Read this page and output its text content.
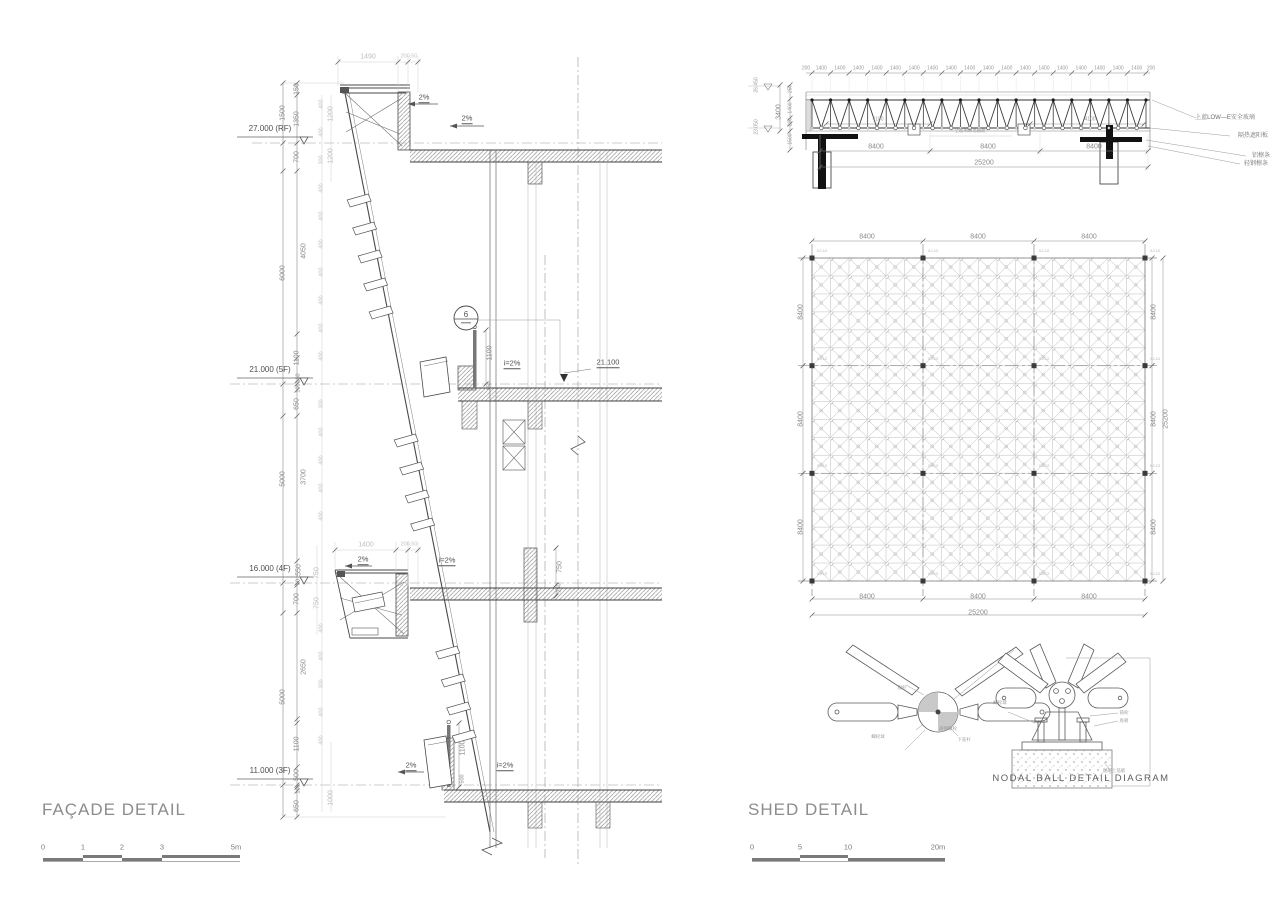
1490	200,50
2%
2%
150
1500 1350
700
1200
1200
6000
4050
400
400
300
400
400
400
400
400
400
400
300
400
400
400
400
400
400
300
400
400
1100
150
100
650
1100
150
i=2%	21.100
5000 3700
1400	200,50
2%	i=2%
550
50
700
750
750
750
250
5000
2650
1100
500
2%	i=2%
1100
500
100
650
1000
27.000 (RF)
21.000 (5F)
16.000 (4F)
11.000 (3F)
0	1	2	3	5m	0	5	10	20m
3400
250
1400
200
1500
26.450
23.050	4100	4100
全玻璃幕墙隔断
8400	8400	8400
25200
8400	8400	8400
8400	8400	8400
25200
8400
8400
8400
8400
8400
8400
25200
上蓝LOW—E安全玻璃
隔热遮阳板
铝檩条
轻钢檩条
腹杆
螺栓球
高强螺栓
下弦杆
螺栓球
锚栓
底板
混凝土基础
1400 1400 1400 1400 1400 1400 1400 1400 1400 1400 1400 1400 1400 1400 1400 1400 1400 1400
200	200
XJ-12
XJ-12
XJ-12
XJ-12
XJ-12
XJ-12
XJ-12
XJ-12
XJ-12
XJ-12
XJ-12
XJ-12
XJ-12
XJ-12
XJ-12
XJ-12
FAÇADE DETAIL	SHED DETAIL
NODAL BALL DETAIL DIAGRAM
6
